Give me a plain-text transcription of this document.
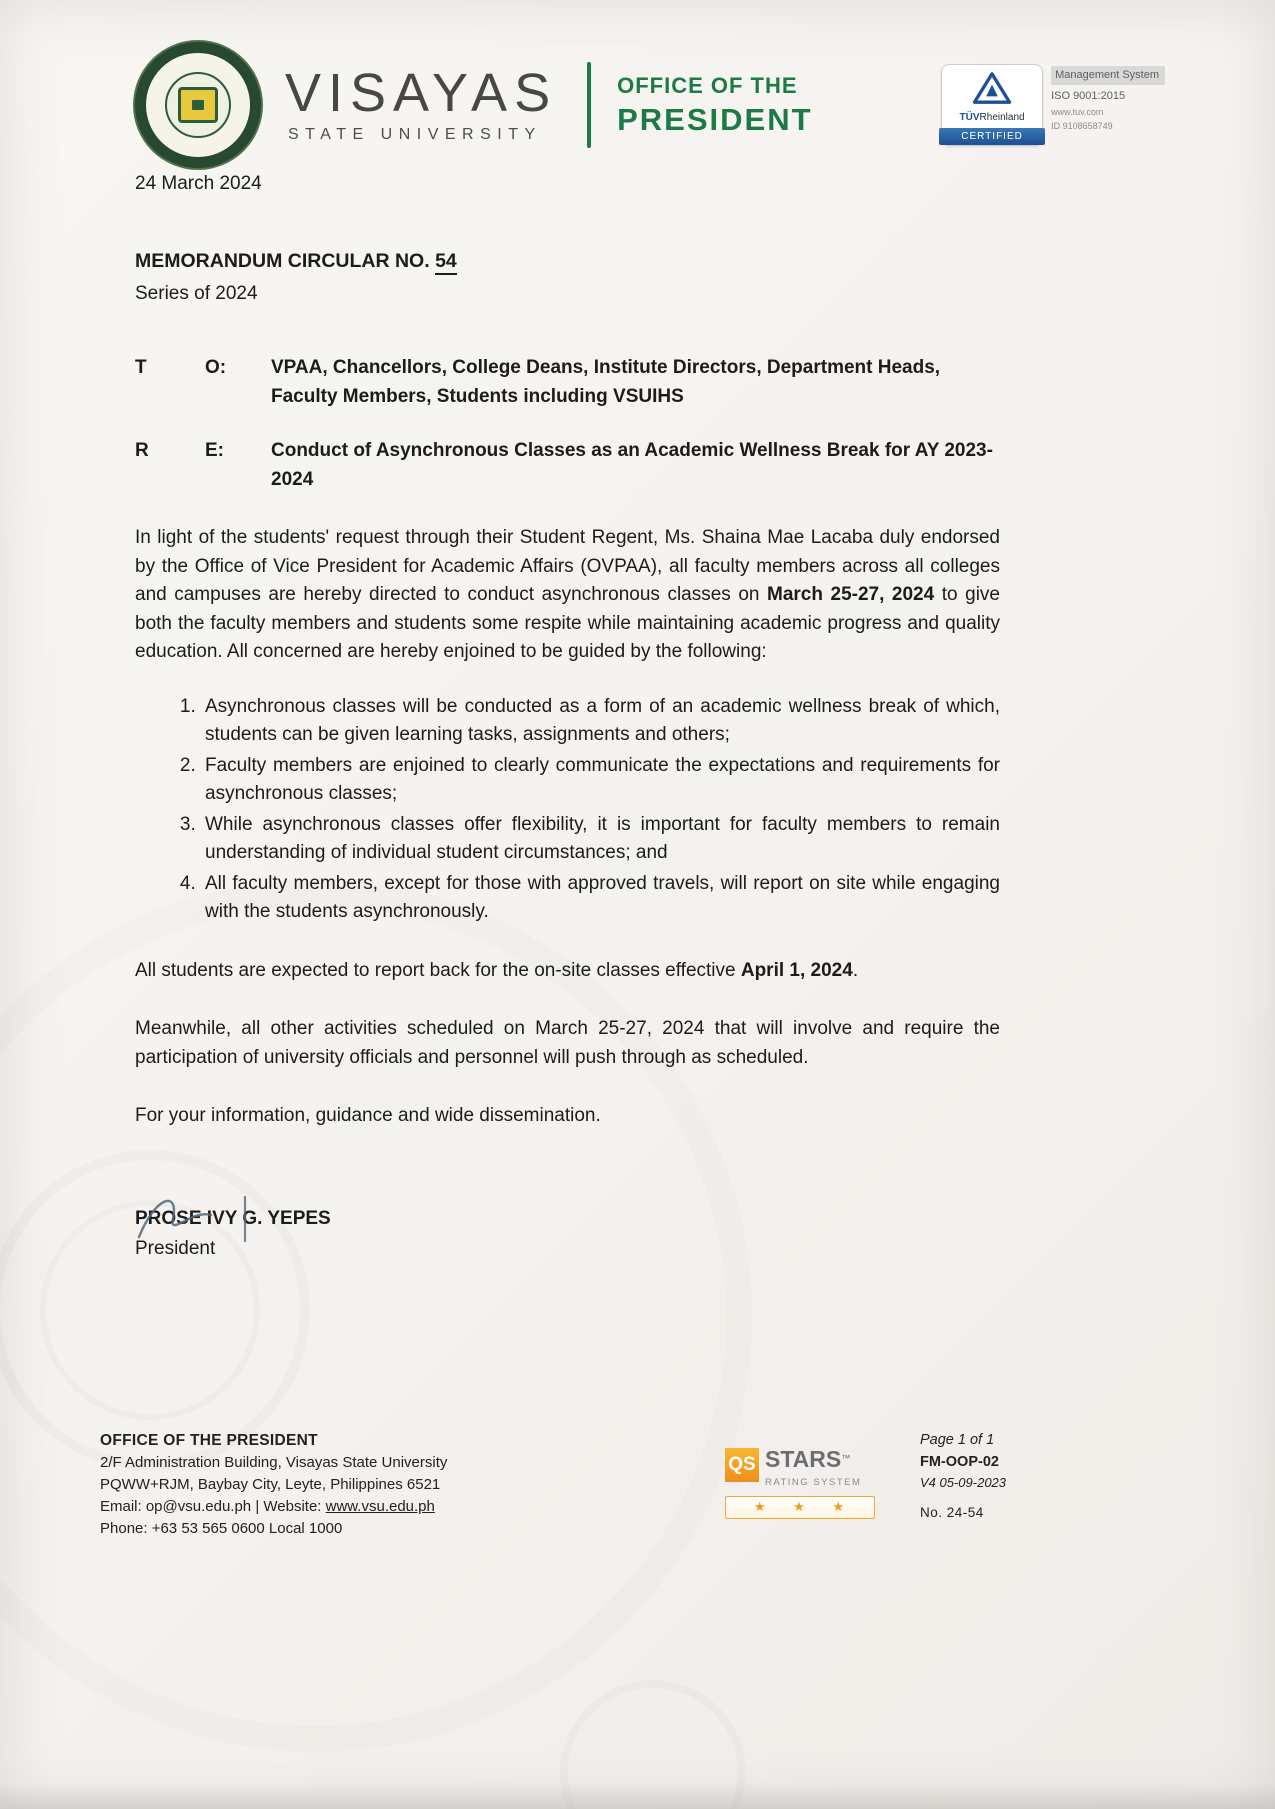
VISAYAS
STATE UNIVERSITY
OFFICE OF THE
PRESIDENT	TÜVRheinland
CERTIFIED
Management System
ISO 9001:2015
www.tuv.com
ID 9108658749

24 March 2024

MEMORANDUM CIRCULAR NO. 54

Series of 2024

T	O:	VPAA, Chancellors, College Deans, Institute Directors, Department Heads, Faculty Members, Students including VSUIHS
R	E:	Conduct of Asynchronous Classes as an Academic Wellness Break for AY 2023-2024

In light of the students' request through their Student Regent, Ms. Shaina Mae Lacaba duly endorsed by the Office of Vice President for Academic Affairs (OVPAA), all faculty members across all colleges and campuses are hereby directed to conduct asynchronous classes on March 25-27, 2024 to give both the faculty members and students some respite while maintaining academic progress and quality education. All concerned are hereby enjoined to be guided by the following:

1. Asynchronous classes will be conducted as a form of an academic wellness break of which, students can be given learning tasks, assignments and others;
2. Faculty members are enjoined to clearly communicate the expectations and requirements for asynchronous classes;
3. While asynchronous classes offer flexibility, it is important for faculty members to remain understanding of individual student circumstances; and
4. All faculty members, except for those with approved travels, will report on site while engaging with the students asynchronously.

All students are expected to report back for the on-site classes effective April 1, 2024.

Meanwhile, all other activities scheduled on March 25-27, 2024 that will involve and require the participation of university officials and personnel will push through as scheduled.

For your information, guidance and wide dissemination.

PROSE IVY G. YEPES
President
OFFICE OF THE PRESIDENT
2/F Administration Building, Visayas State University
PQWW+RJM, Baybay City, Leyte, Philippines 6521
Email: op@vsu.edu.ph | Website: www.vsu.edu.ph
Phone: +63 53 565 0600 Local 1000
QS STARS™
RATING SYSTEM
★ ★ ★
Page 1 of 1
FM-OOP-02
V4 05-09-2023
No. 24-54
